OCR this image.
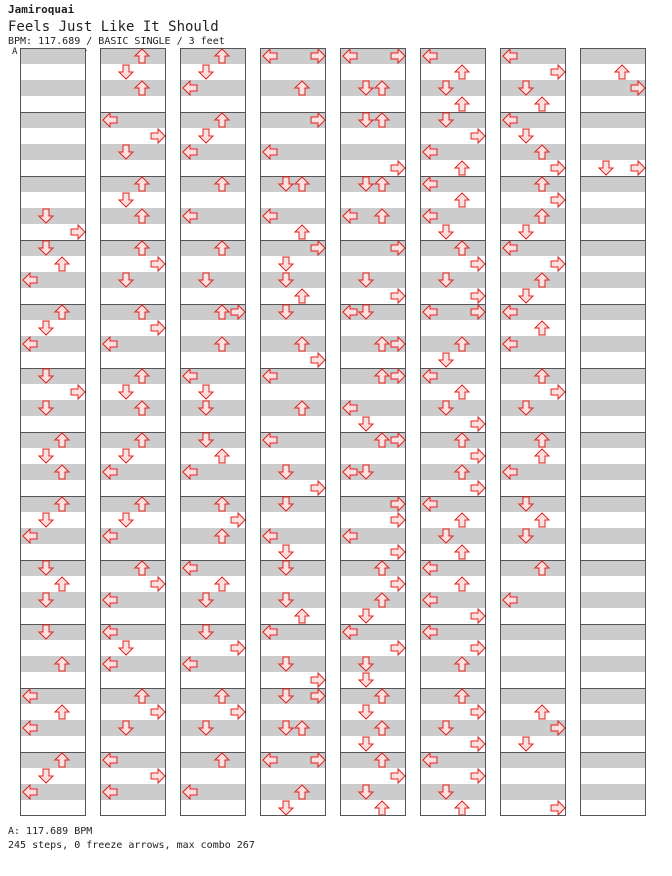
Jamiroquai
Feels Just Like It Should
BPM: 117.689 / BASIC SINGLE / 3 feet
A
A: 117.689 BPM
245 steps, 0 freeze arrows, max combo 267
